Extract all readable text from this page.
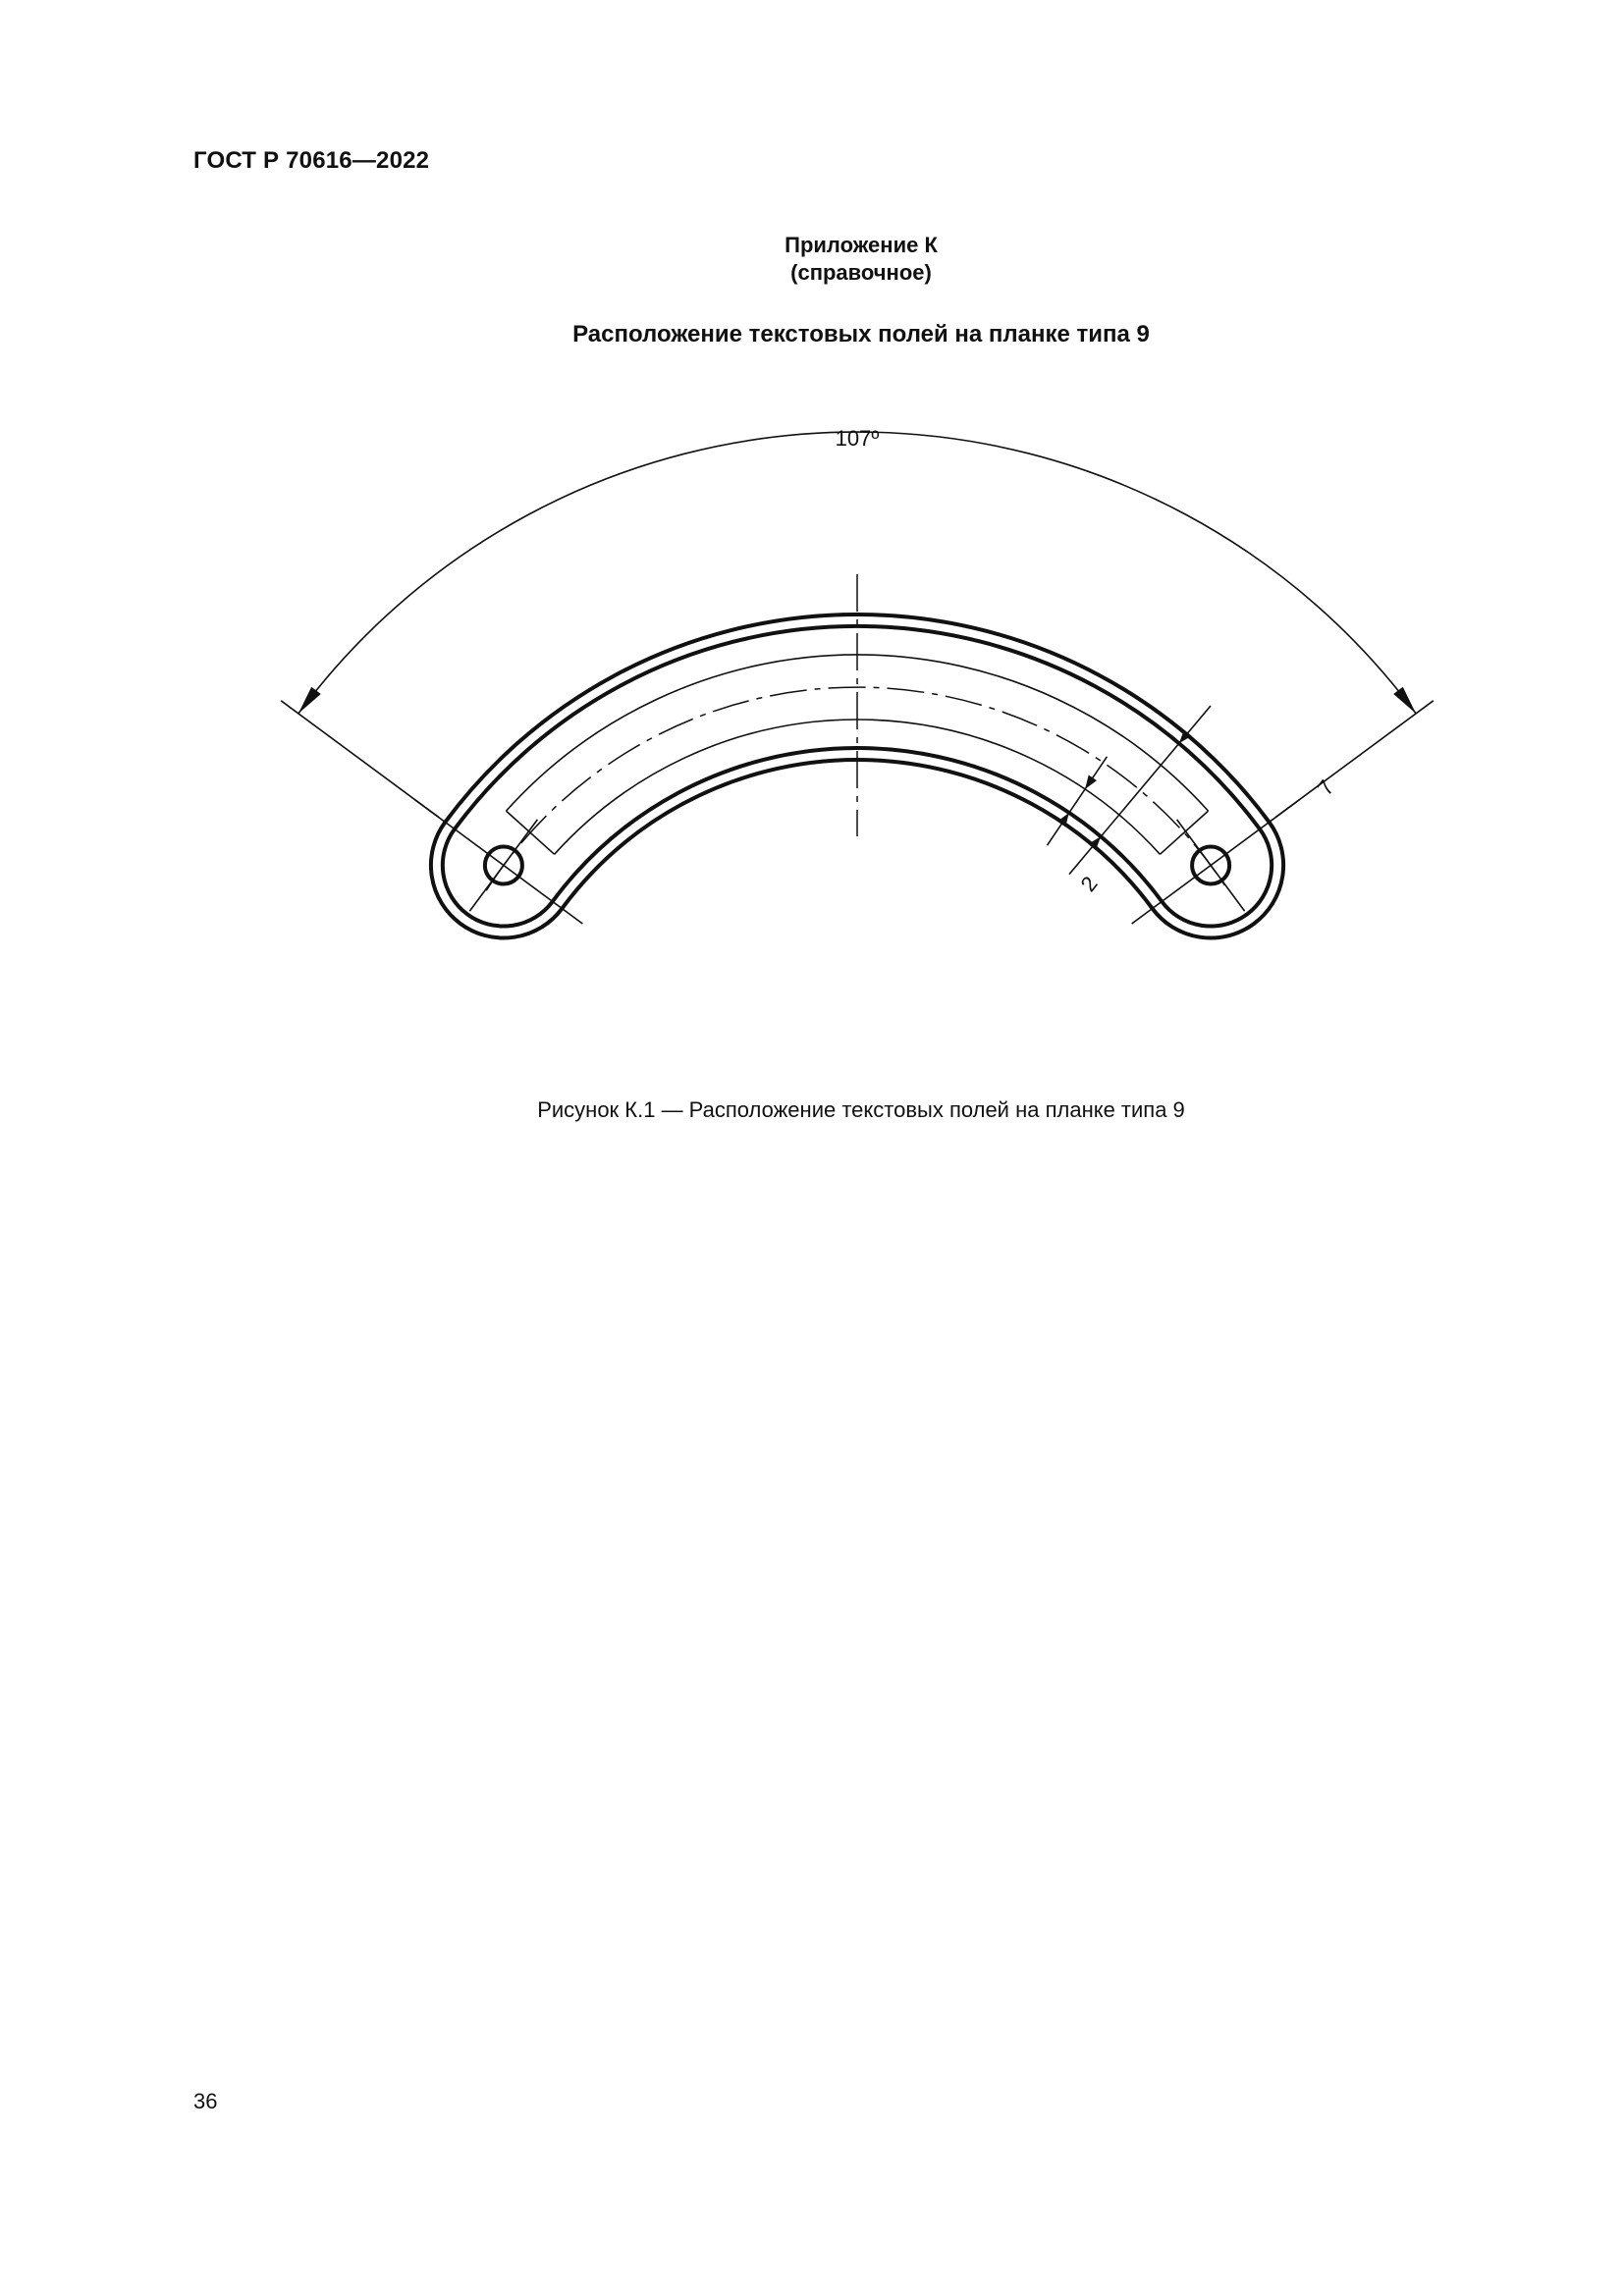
ГОСТ Р 70616—2022
Приложение К
(справочное)
Расположение текстовых полей на планке типа 9
107º
7
2
Рисунок К.1 — Расположение текстовых полей на планке типа 9
36
